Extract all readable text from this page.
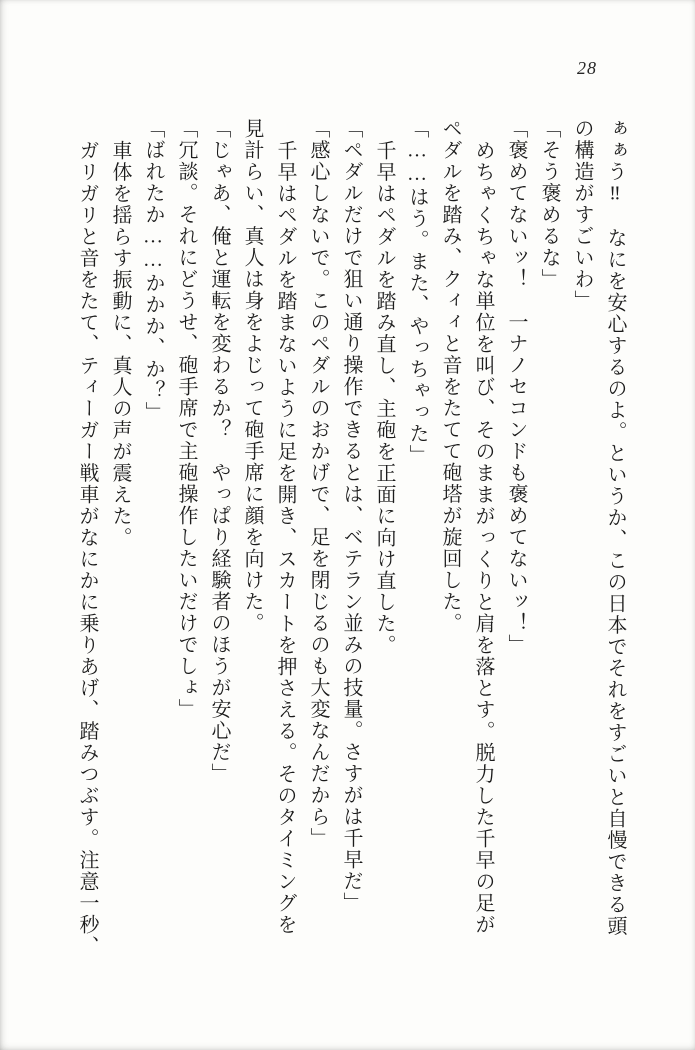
28

ぁぁう‼　なにを安心するのよ。というか、この日本でそれをすごいと自慢できる頭

の構造がすごいわ」

「そう褒めるな」

「褒めてないッ！　一ナノセコンドも褒めてないッ！」

めちゃくちゃな単位を叫び、そのままがっくりと肩を落とす。脱力した千早の足が

ペダルを踏み、クィィと音をたてて砲塔が旋回した。

「……はう。また、やっちゃった」

千早はペダルを踏み直し、主砲を正面に向け直した。

「ペダルだけで狙い通り操作できるとは、ベテラン並みの技量。さすがは千早だ」

「感心しないで。このペダルのおかげで、足を閉じるのも大変なんだから」

千早はペダルを踏まないように足を開き、スカートを押さえる。そのタイミングを

見計らい、真人は身をよじって砲手席に顔を向けた。

「じゃあ、俺と運転を変わるか？　やっぱり経験者のほうが安心だ」

「冗談。それにどうせ、砲手席で主砲操作したいだけでしょ」

「ばれたか……かかか、か？」

車体を揺らす振動に、真人の声が震えた。

ガリガリと音をたて、ティーガー戦車がなにかに乗りあげ、踏みつぶす。注意一秒、
